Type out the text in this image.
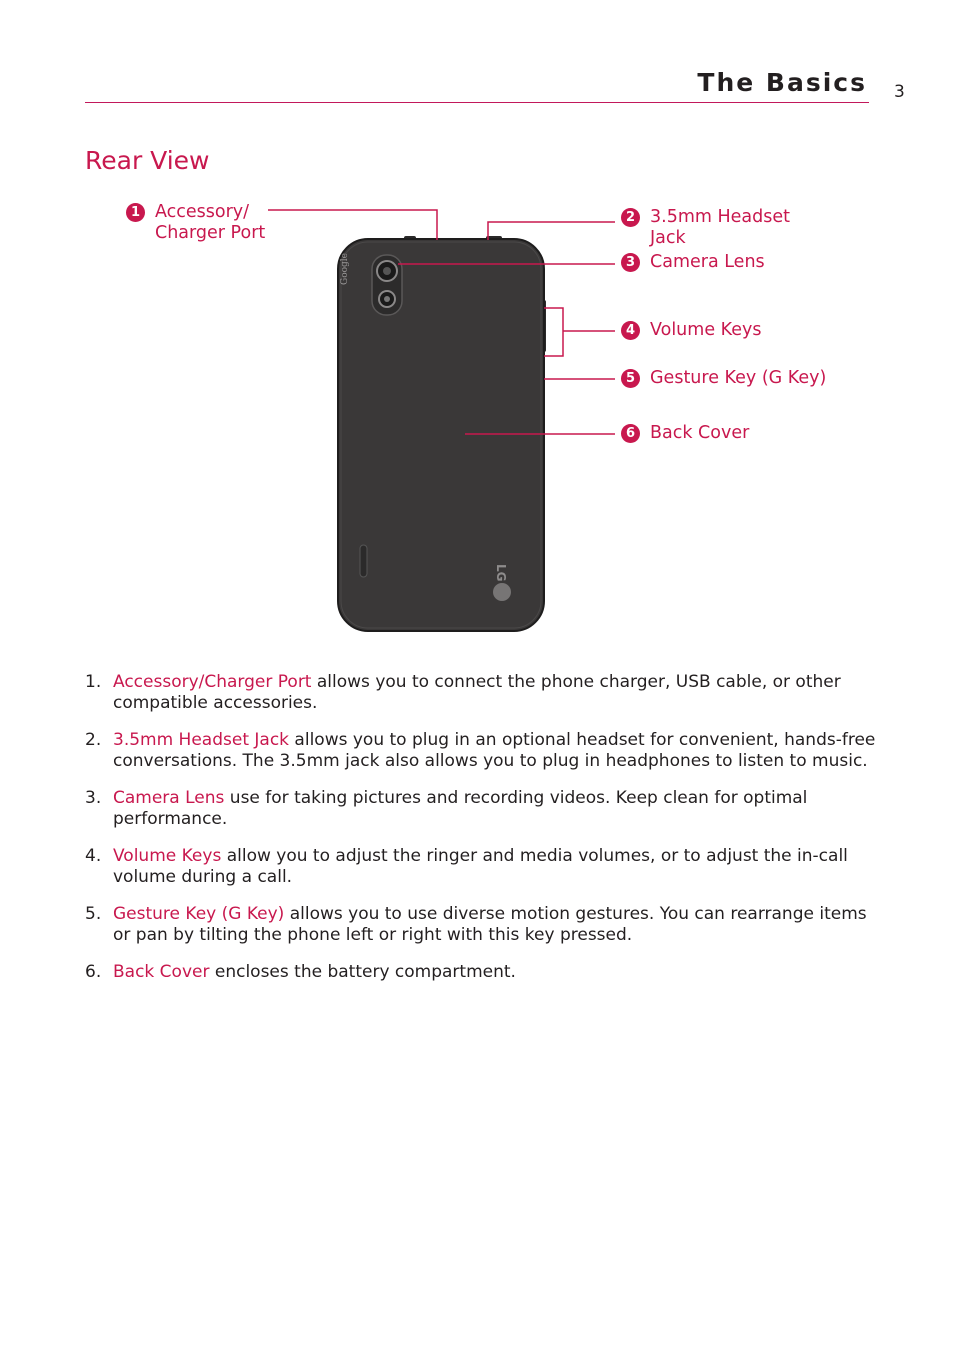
The Basics 3
Rear View
Google
LG
1 Accessory/
Charger Port
2 3.5mm Headset
Jack
3 Camera Lens
4 Volume Keys
5 Gesture Key (G Key)
6 Back Cover
1. Accessory/Charger Port allows you to connect the phone charger, USB cable, or other compatible accessories.
2. 3.5mm Headset Jack allows you to plug in an optional headset for convenient, hands-free conversations. The 3.5mm jack also allows you to plug in headphones to listen to music.
3. Camera Lens use for taking pictures and recording videos. Keep clean for optimal performance.
4. Volume Keys allow you to adjust the ringer and media volumes, or to adjust the in-call volume during a call.
5. Gesture Key (G Key) allows you to use diverse motion gestures. You can rearrange items or pan by tilting the phone left or right with this key pressed.
6. Back Cover encloses the battery compartment.
